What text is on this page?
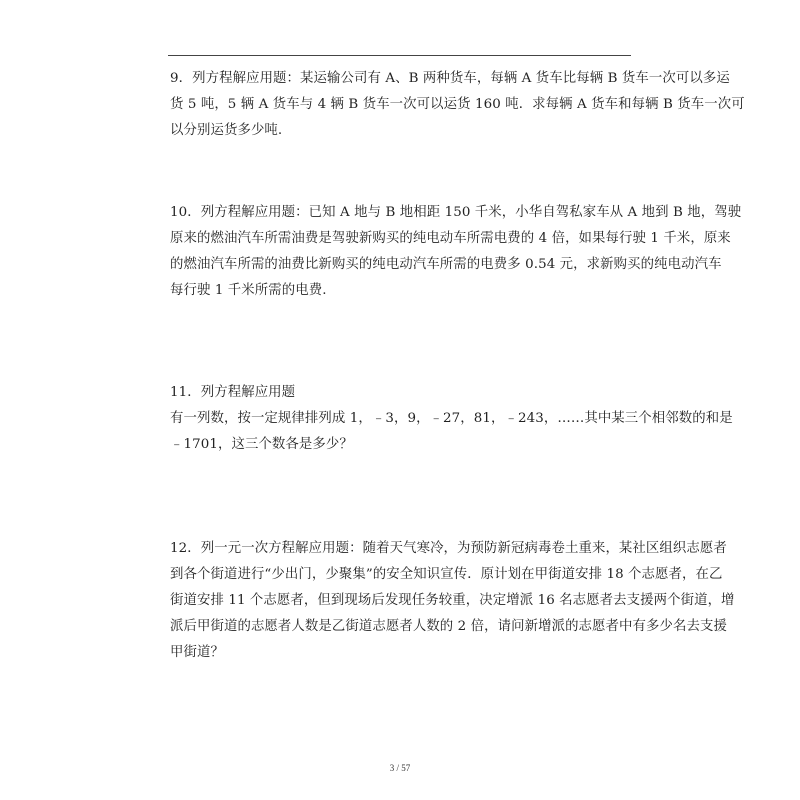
9．列方程解应用题：某运输公司有 A、B 两种货车，每辆 A 货车比每辆 B 货车一次可以多运
货 5 吨，5 辆 A 货车与 4 辆 B 货车一次可以运货 160 吨．求每辆 A 货车和每辆 B 货车一次可
以分别运货多少吨.
10．列方程解应用题：已知 A 地与 B 地相距 150 千米，小华自驾私家车从 A 地到 B 地，驾驶
原来的燃油汽车所需油费是驾驶新购买的纯电动车所需电费的 4 倍，如果每行驶 1 千米，原来
的燃油汽车所需的油费比新购买的纯电动汽车所需的电费多 0.54 元，求新购买的纯电动汽车
每行驶 1 千米所需的电费.
11．列方程解应用题
有一列数，按一定规律排列成 1，﹣3，9，﹣27，81，﹣243，……其中某三个相邻数的和是
﹣1701，这三个数各是多少？
12．列一元一次方程解应用题：随着天气寒冷，为预防新冠病毒卷土重来，某社区组织志愿者
到各个街道进行“少出门，少聚集”的安全知识宣传．原计划在甲街道安排 18 个志愿者，在乙
街道安排 11 个志愿者，但到现场后发现任务较重，决定增派 16 名志愿者去支援两个街道，增
派后甲街道的志愿者人数是乙街道志愿者人数的 2 倍，请问新增派的志愿者中有多少名去支援
甲街道？
3 / 57
